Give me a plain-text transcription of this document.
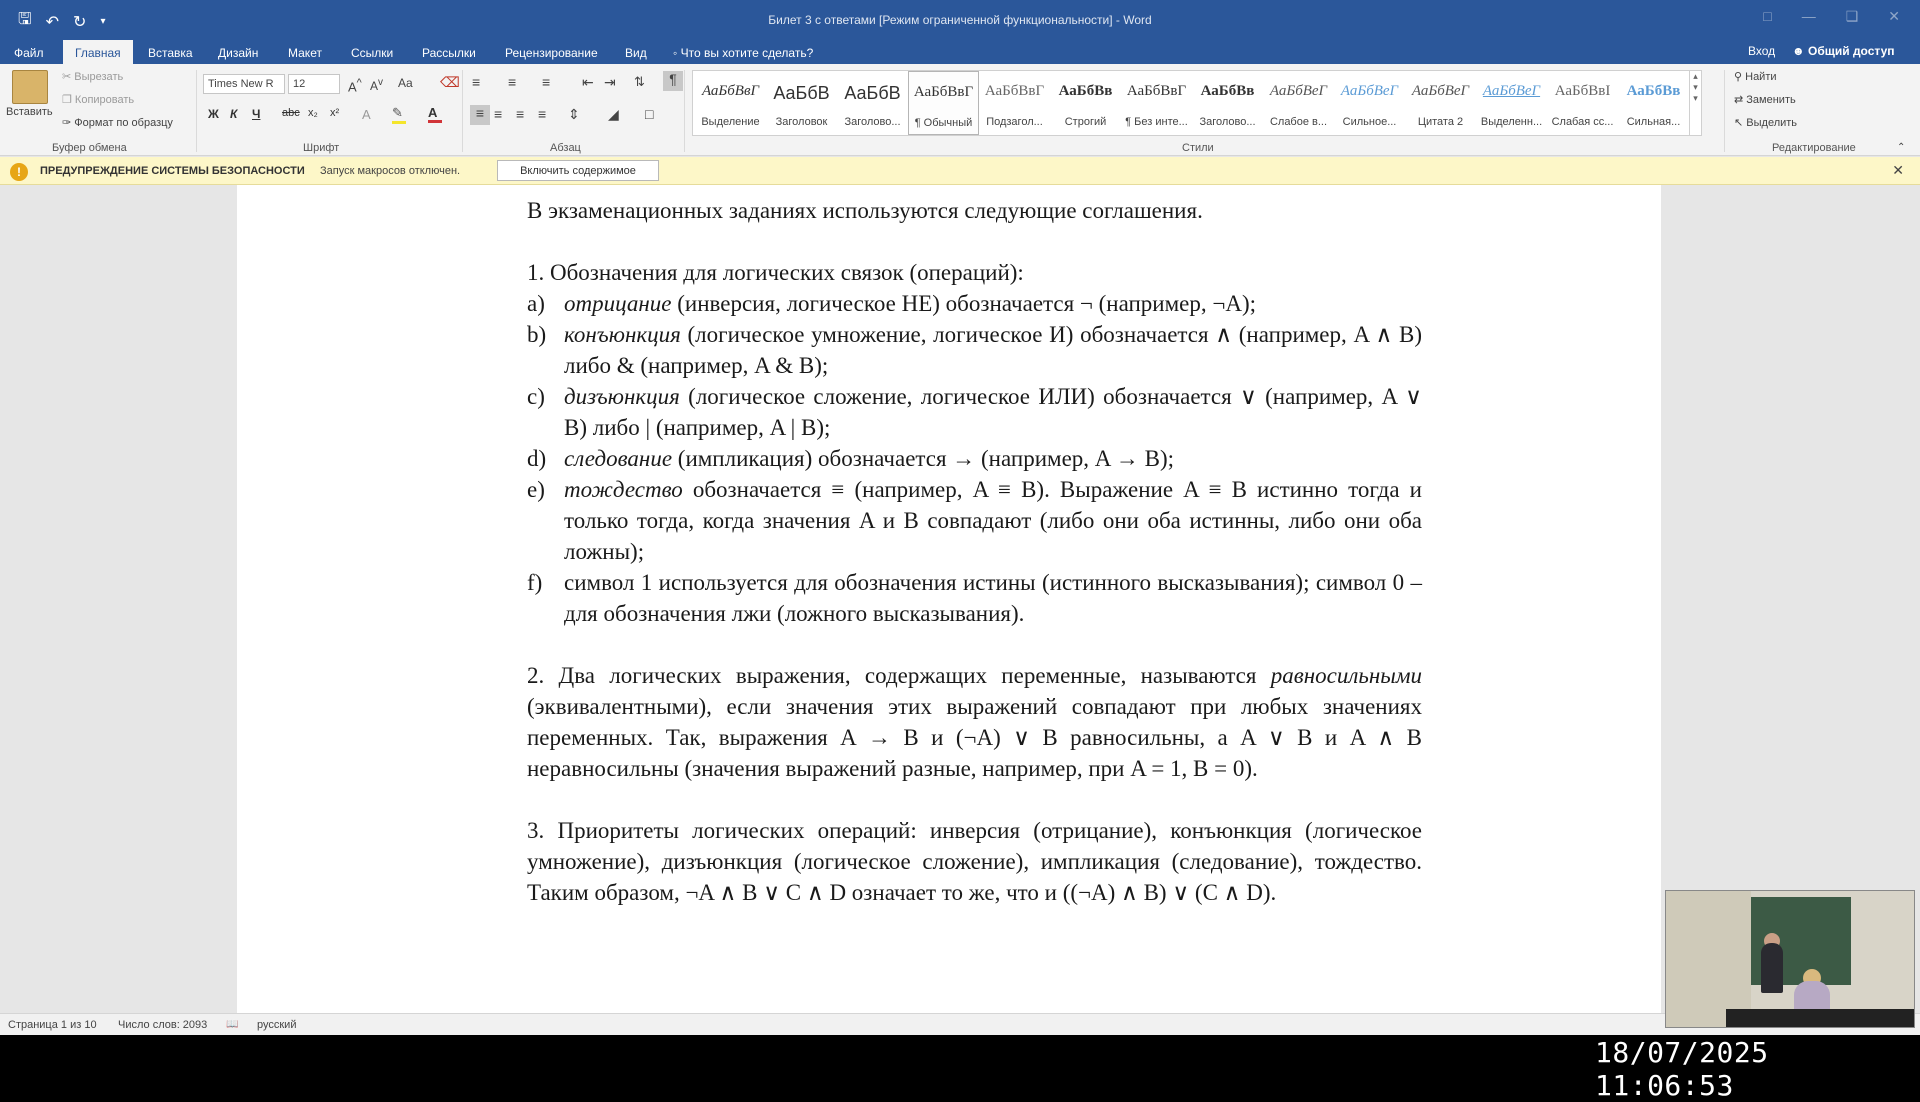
🖫 ↶ ↻ ▾	Билет 3 с ответами [Режим ограниченной функциональности] - Word	□ — ❑ ✕
Файл	Главная	Вставка Дизайн Макет Ссылки Рассылки Рецензирование Вид ◦ Что вы хотите сделать?	Вход ☻ Общий доступ
Вставить
✂ Вырезать
❐ Копировать
✑ Формат по образцу
Буфер обмена
Times New R	12	A^ $A^v$ Aa ⌫
Ж К Ч abc x₂ x² A ✎	A
Шрифт
≡ ≡ ≡ ⇤ ⇥ ⇅	¶
≡ ≡ ≡ ≡ ⇕ ◢ □
Абзац
АаБбВвГ
Выделение
АаБбВ
Заголовок
АаБбВ
Заголово...
АаБбВвГ
¶ Обычный
АаБбВвГ
Подзагол...
АаБбВв
Строгий
АаБбВвГ
¶ Без инте...
АаБбВв
Заголово...
АаБбВеГ
Слабое в...
АаБбВеГ
Сильное...
АаБбВеГ
Цитата 2
АаБбВеГ
Выделенн...
АаБбВвІ
Слабая сс...
АаБбВв
Сильная...
▴
▾
▾
Стили
⚲ Найти
⇄ Заменить
↖ Выделить
Редактирование	⌃
!	ПРЕДУПРЕЖДЕНИЕ СИСТЕМЫ БЕЗОПАСНОСТИ Запуск макросов отключен.	Включить содержимое	✕

В экзаменационных заданиях используются следующие соглашения.

1. Обозначения для логических связок (операций):

a) отрицание (инверсия, логическое НЕ) обозначается ¬ (например, ¬A);

b) конъюнкция (логическое умножение, логическое И) обозначается ∧ (например, A ∧ B) либо & (например, A & B);

c) дизъюнкция (логическое сложение, логическое ИЛИ) обозначается ∨ (например, A ∨ B) либо | (например, A | B);

d) следование (импликация) обозначается → (например, A → B);

e) тождество обозначается ≡ (например, A ≡ B). Выражение A ≡ B истинно тогда и только тогда, когда значения A и B совпадают (либо они оба истинны, либо они оба ложны);

f) символ 1 используется для обозначения истины (истинного высказывания); символ 0 – для обозначения лжи (ложного высказывания).

2. Два логических выражения, содержащих переменные, называются равносильными (эквивалентными), если значения этих выражений совпадают при любых значениях переменных. Так, выражения A → B и (¬A) ∨ B равносильны, а A ∨ B и A ∧ B неравносильны (значения выражений разные, например, при A = 1, B = 0).

3. Приоритеты логических операций: инверсия (отрицание), конъюнкция (логическое умножение), дизъюнкция (логическое сложение), импликация (следование), тождество. Таким образом, ¬A ∧ B ∨ C ∧ D означает то же, что и ((¬A) ∧ B) ∨ (C ∧ D).

Страница 1 из 10 Число слов: 2093 📖 русский
18/07/2025 11:06:53
